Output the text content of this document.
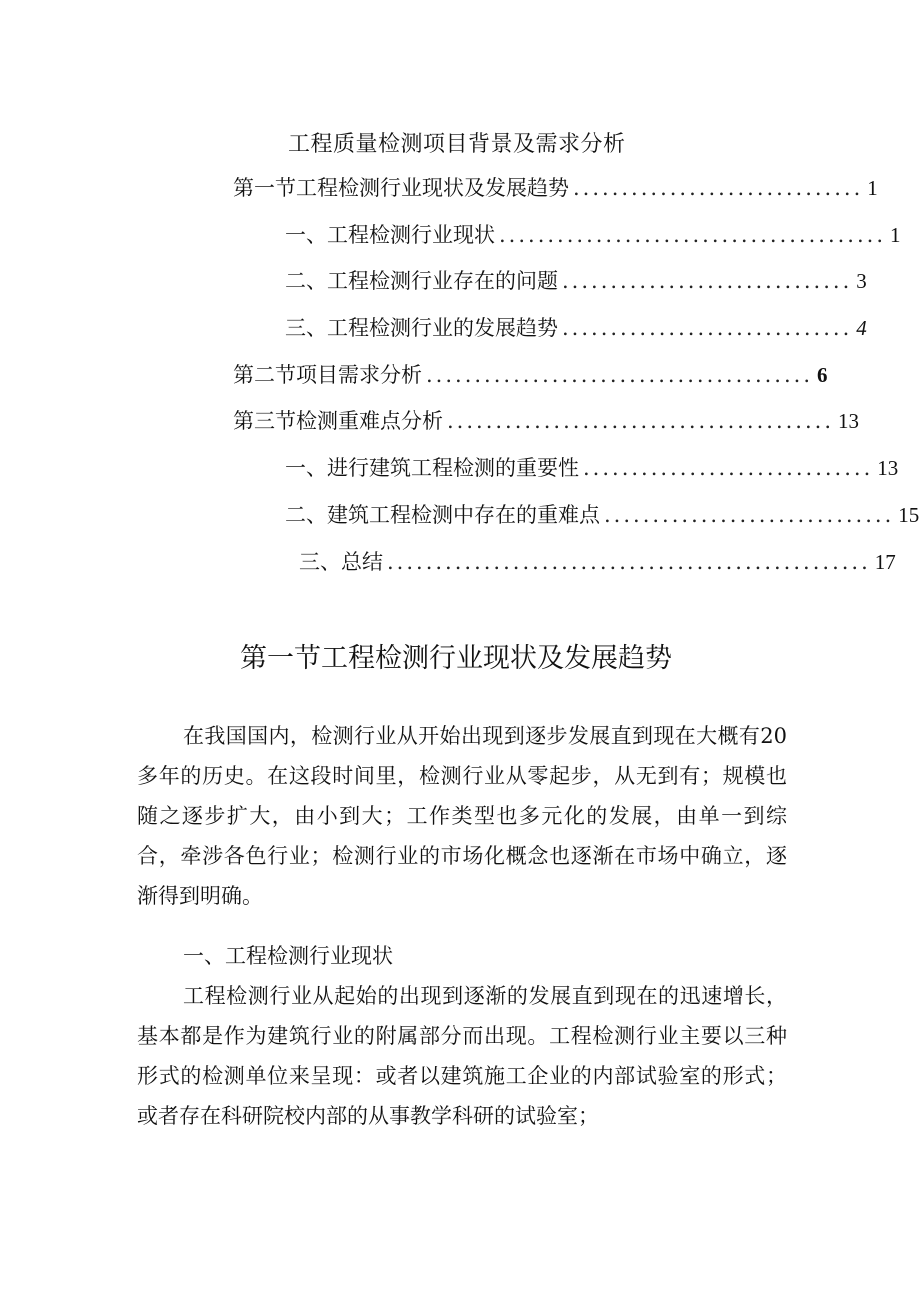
工程质量检测项目背景及需求分析
第一节工程检测行业现状及发展趋势 .............................. 1
一、工程检测行业现状 ........................................ 1
二、工程检测行业存在的问题 .............................. 3
三、工程检测行业的发展趋势 .............................. 4
第二节项目需求分析 ........................................ 6
第三节检测重难点分析 ........................................ 13
一、进行建筑工程检测的重要性 .............................. 13
二、建筑工程检测中存在的重难点 .............................. 15
三、总结 .................................................. 17
第一节工程检测行业现状及发展趋势

在我国国内，检测行业从开始出现到逐步发展直到现在大概有20多年的历史。在这段时间里，检测行业从零起步，从无到有；规模也随之逐步扩大，由小到大；工作类型也多元化的发展，由单一到综合，牵涉各色行业；检测行业的市场化概念也逐渐在市场中确立，逐渐得到明确。

一、工程检测行业现状

工程检测行业从起始的出现到逐渐的发展直到现在的迅速增长，基本都是作为建筑行业的附属部分而出现。工程检测行业主要以三种形式的检测单位来呈现：或者以建筑施工企业的内部试验室的形式；或者存在科研院校内部的从事教学科研的试验室；
